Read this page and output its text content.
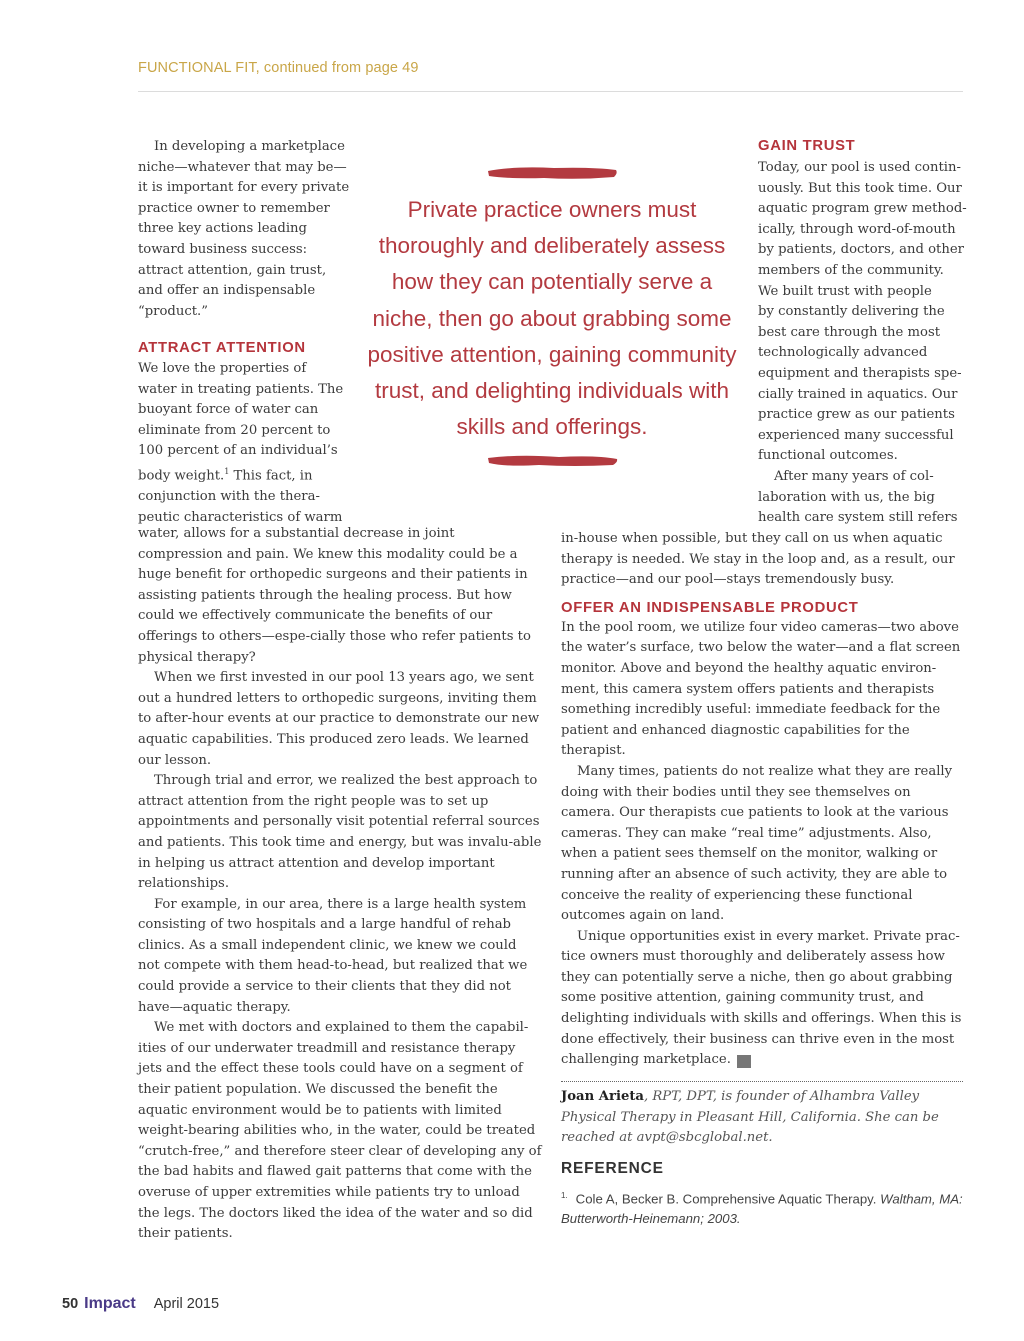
FUNCTIONAL FIT, continued from page 49
In developing a marketplace
niche—whatever that may be—
it is important for every private
practice owner to remember
three key actions leading
toward business success:
attract attention, gain trust,
and offer an indispensable
“product.”
ATTRACT ATTENTION
We love the properties of
water in treating patients. The
buoyant force of water can
eliminate from 20 percent to
100 percent of an individual’s
body weight.$^1$ This fact, in
conjunction with the thera-
peutic characteristics of warm

water, allows for a substantial decrease in joint compression and pain. We knew this modality could be a huge benefit for orthopedic surgeons and their patients in assisting patients through the healing process. But how could we effectively communicate the benefits of our offerings to others—espe-cially those who refer patients to physical therapy?

When we first invested in our pool 13 years ago, we sent out a hundred letters to orthopedic surgeons, inviting them to after-hour events at our practice to demonstrate our new aquatic capabilities. This produced zero leads. We learned our lesson.

Through trial and error, we realized the best approach to attract attention from the right people was to set up appointments and personally visit potential referral sources and patients. This took time and energy, but was invalu-able in helping us attract attention and develop important relationships.

For example, in our area, there is a large health system consisting of two hospitals and a large handful of rehab clinics. As a small independent clinic, we knew we could not compete with them head-to-head, but realized that we could provide a service to their clients that they did not have—aquatic therapy.

We met with doctors and explained to them the capabil-ities of our underwater treadmill and resistance therapy jets and the effect these tools could have on a segment of their patient population. We discussed the benefit the aquatic environment would be to patients with limited weight-bearing abilities who, in the water, could be treated “crutch-free,” and therefore steer clear of developing any of the bad habits and flawed gait patterns that come with the overuse of upper extremities while patients try to unload the legs. The doctors liked the idea of the water and so did their patients.

Private practice owners must
thoroughly and deliberately assess
how they can potentially serve a
niche, then go about grabbing some
positive attention, gaining community
trust, and delighting individuals with
skills and offerings.
GAIN TRUST
Today, our pool is used contin-
uously. But this took time. Our
aquatic program grew method-
ically, through word-of-mouth
by patients, doctors, and other
members of the community.
We built trust with people
by constantly delivering the
best care through the most
technologically advanced
equipment and therapists spe-
cially trained in aquatics. Our
practice grew as our patients
experienced many successful
functional outcomes.
After many years of col-
laboration with us, the big
health care system still refers

in-house when possible, but they call on us when aquatic therapy is needed. We stay in the loop and, as a result, our practice—and our pool—stays tremendously busy.

OFFER AN INDISPENSABLE PRODUCT

In the pool room, we utilize four video cameras—two above the water’s surface, two below the water—and a flat screen monitor. Above and beyond the healthy aquatic environ-ment, this camera system offers patients and therapists something incredibly useful: immediate feedback for the patient and enhanced diagnostic capabilities for the therapist.

Many times, patients do not realize what they are really doing with their bodies until they see themselves on camera. Our therapists cue patients to look at the various cameras. They can make “real time” adjustments. Also, when a patient sees themself on the monitor, walking or running after an absence of such activity, they are able to conceive the reality of experiencing these functional outcomes again on land.

Unique opportunities exist in every market. Private prac-tice owners must thoroughly and deliberately assess how they can potentially serve a niche, then go about grabbing some positive attention, gaining community trust, and delighting individuals with skills and offerings. When this is done effectively, their business can thrive even in the most challenging marketplace.I

Joan Arieta, RPT, DPT, is founder of Alhambra Valley Physical Therapy in Pleasant Hill, California. She can be reached at avpt@sbcglobal.net.
REFERENCE
$^{1.}$ Cole A, Becker B. Comprehensive Aquatic Therapy. Waltham, MA: Butterworth-Heinemann; 2003.
50 Impact April 2015
